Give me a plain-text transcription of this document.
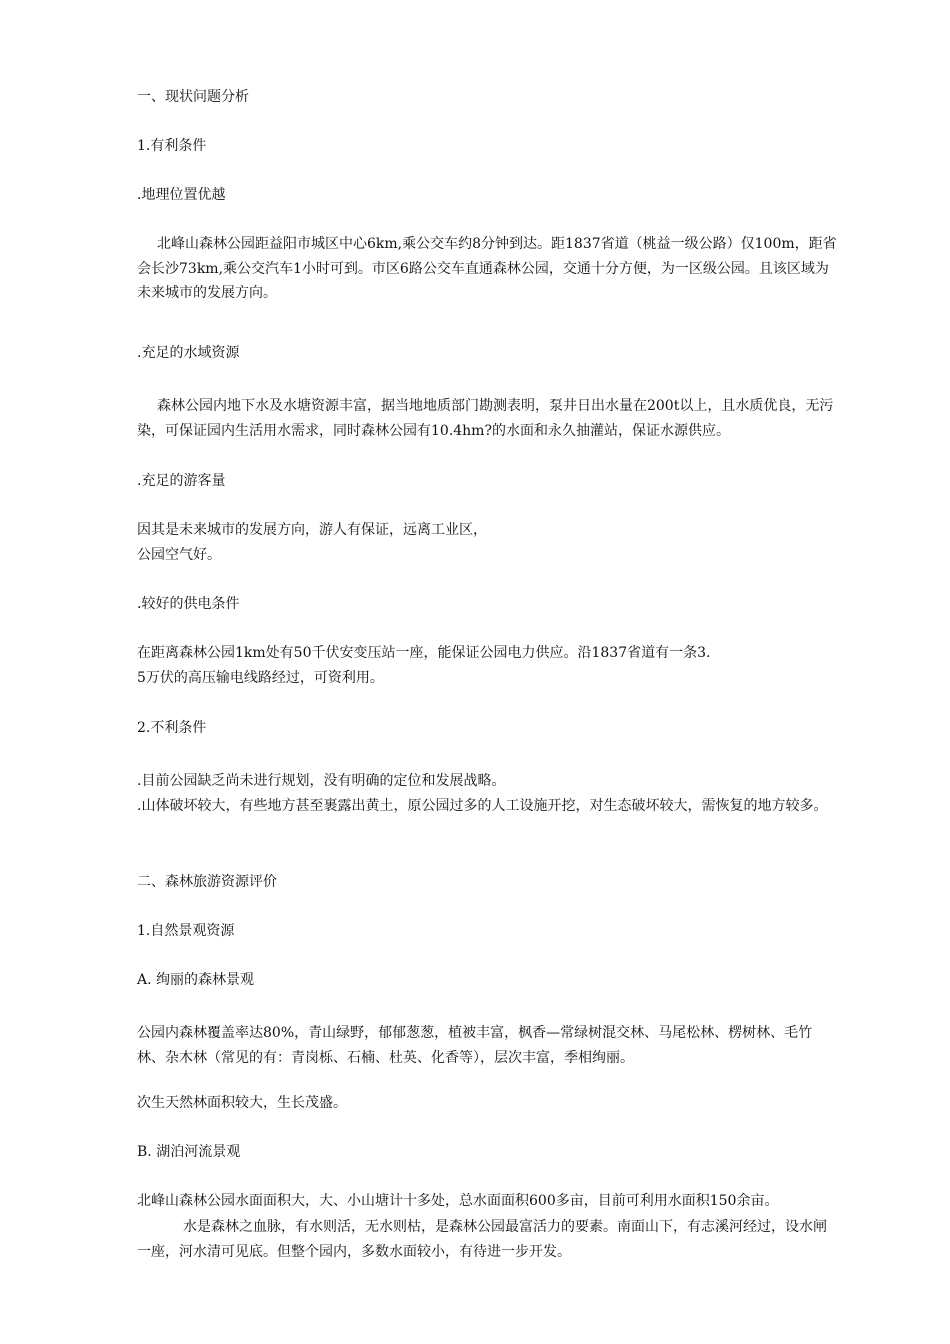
一、现状问题分析

1.有利条件

.地理位置优越

北峰山森林公园距益阳市城区中心6km,乘公交车约8分钟到达。距1837省道（桃益一级公路）仅100m，距省会长沙73km,乘公交汽车1小时可到。市区6路公交车直通森林公园，交通十分方便，为一区级公园。且该区域为未来城市的发展方向。

.充足的水域资源

森林公园内地下水及水塘资源丰富，据当地地质部门勘测表明，泵井日出水量在200t以上，且水质优良，无污染，可保证园内生活用水需求，同时森林公园有10.4hm?的水面和永久抽灌站，保证水源供应。

.充足的游客量

因其是未来城市的发展方向，游人有保证，远离工业区，
公园空气好。

.较好的供电条件

在距离森林公园1km处有50千伏安变压站一座，能保证公园电力供应。沿1837省道有一条3.
5万伏的高压输电线路经过，可资利用。

2.不利条件

.目前公园缺乏尚未进行规划，没有明确的定位和发展战略。
.山体破坏较大，有些地方甚至裹露出黄土，原公园过多的人工设施开挖，对生态破坏较大，需恢复的地方较多。

二、森林旅游资源评价

1.自然景观资源

A. 绚丽的森林景观

公园内森林覆盖率达80%，青山绿野，郁郁葱葱，植被丰富，枫香—常绿树混交林、马尾松林、楞树林、毛竹林、杂木林（常见的有：青岗栎、石楠、杜英、化香等），层次丰富，季相绚丽。

次生天然林面积较大，生长茂盛。

B. 湖泊河流景观

北峰山森林公园水面面积大，大、小山塘计十多处，总水面面积600多亩，目前可利用水面积150余亩。

水是森林之血脉，有水则活，无水则枯，是森林公园最富活力的要素。南面山下，有志溪河经过，设水闸一座，河水清可见底。但整个园内，多数水面较小，有待进一步开发。
